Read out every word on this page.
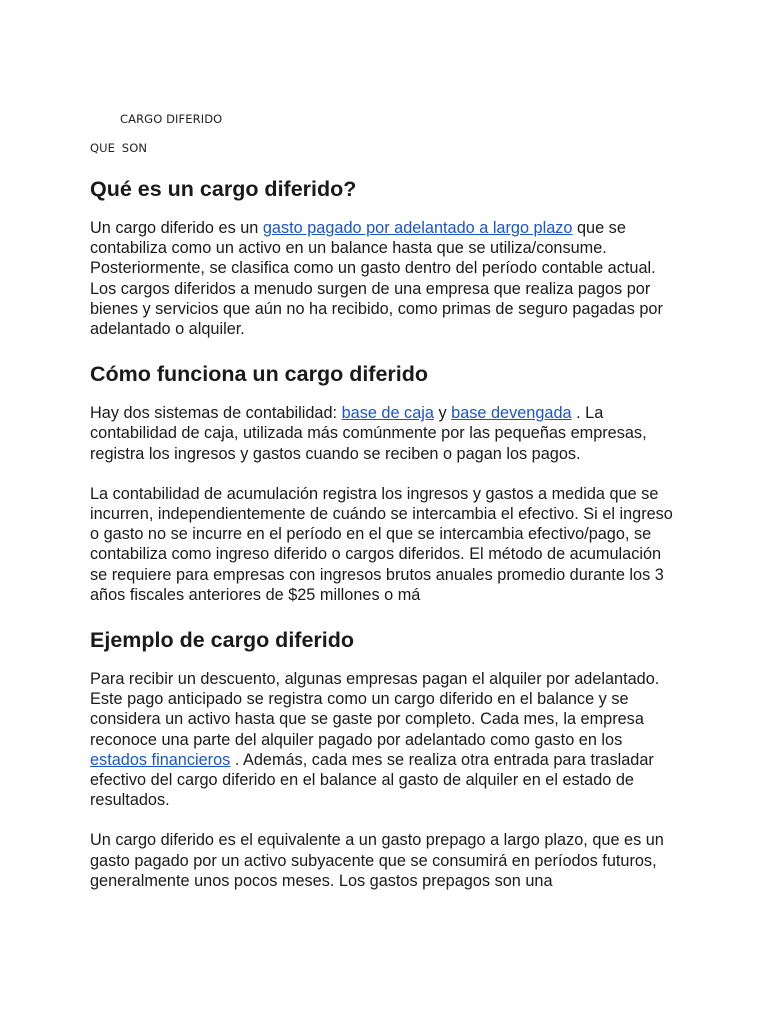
CARGO DIFERIDO
QUE SON
Qué es un cargo diferido?

Un cargo diferido es un gasto pagado por adelantado a largo plazo que se contabiliza como un activo en un balance hasta que se utiliza/consume. Posteriormente, se clasifica como un gasto dentro del período contable actual. Los cargos diferidos a menudo surgen de una empresa que realiza pagos por bienes y servicios que aún no ha recibido, como primas de seguro pagadas por adelantado o alquiler.

Cómo funciona un cargo diferido

Hay dos sistemas de contabilidad: base de caja y base devengada . La contabilidad de caja, utilizada más comúnmente por las pequeñas empresas, registra los ingresos y gastos cuando se reciben o pagan los pagos.

La contabilidad de acumulación registra los ingresos y gastos a medida que se incurren, independientemente de cuándo se intercambia el efectivo. Si el ingreso o gasto no se incurre en el período en el que se intercambia efectivo/pago, se contabiliza como ingreso diferido o cargos diferidos. El método de acumulación se requiere para empresas con ingresos brutos anuales promedio durante los 3 años fiscales anteriores de $25 millones o má

Ejemplo de cargo diferido

Para recibir un descuento, algunas empresas pagan el alquiler por adelantado. Este pago anticipado se registra como un cargo diferido en el balance y se considera un activo hasta que se gaste por completo. Cada mes, la empresa reconoce una parte del alquiler pagado por adelantado como gasto en los estados financieros . Además, cada mes se realiza otra entrada para trasladar efectivo del cargo diferido en el balance al gasto de alquiler en el estado de resultados.

Un cargo diferido es el equivalente a un gasto prepago a largo plazo, que es un gasto pagado por un activo subyacente que se consumirá en períodos futuros, generalmente unos pocos meses. Los gastos prepagos son una
